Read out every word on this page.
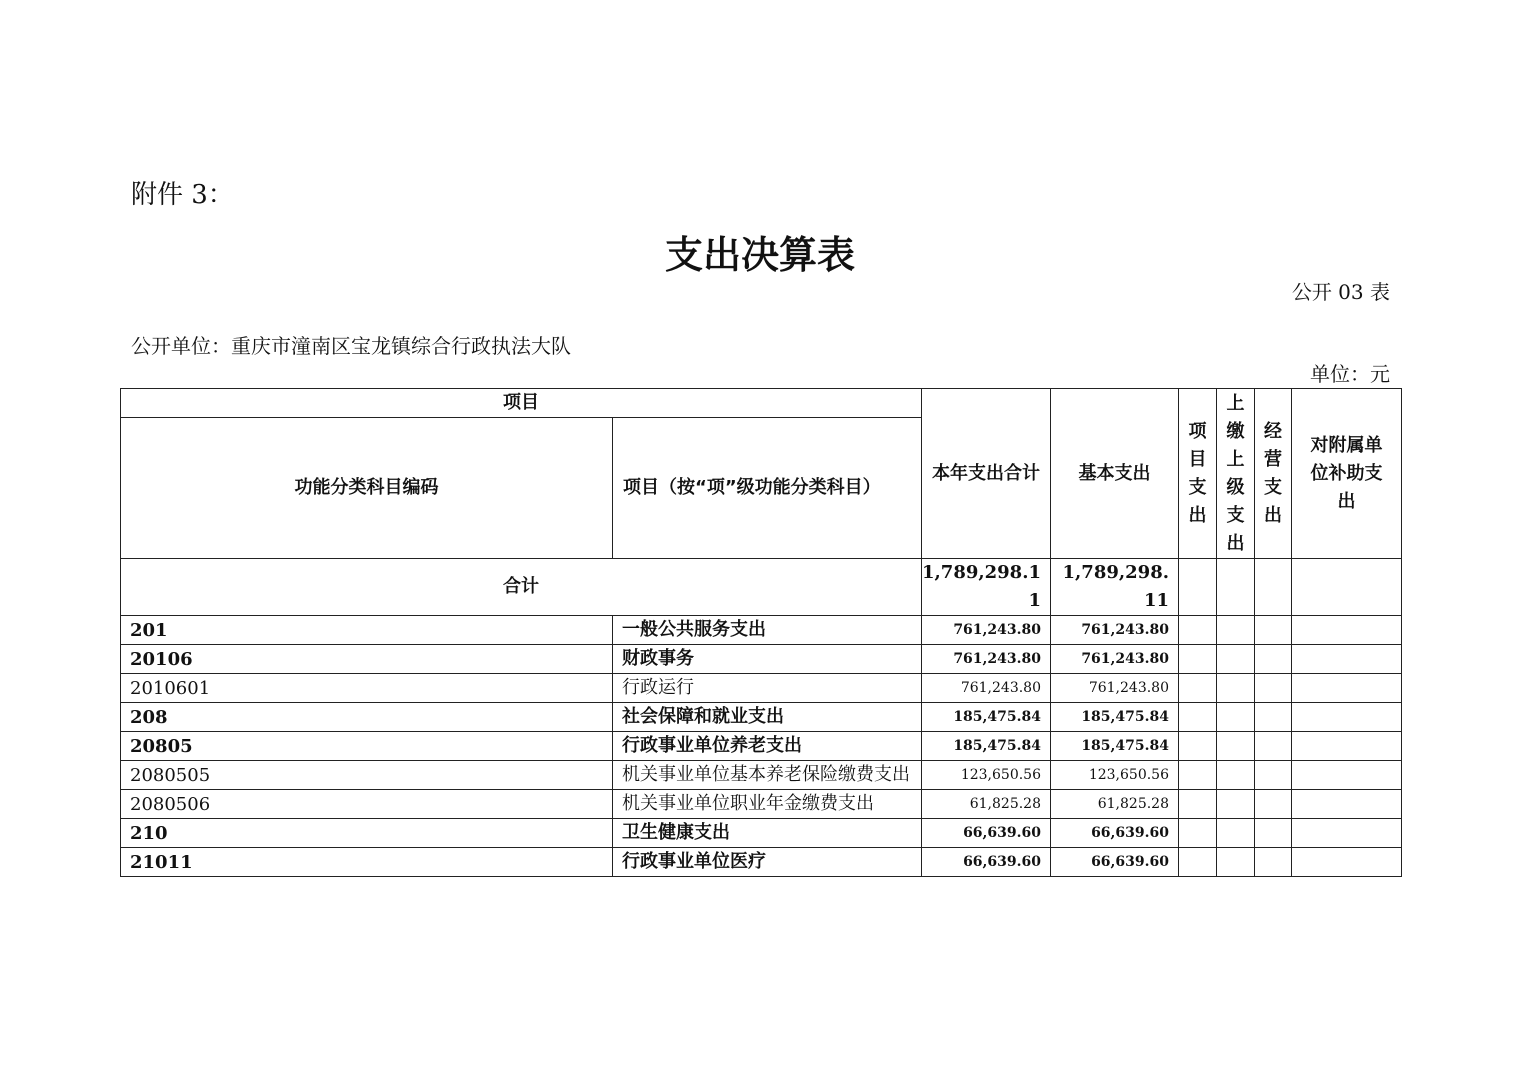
附件 3：
支出决算表
公开 03 表
公开单位：重庆市潼南区宝龙镇综合行政执法大队
单位：元
项目		本年支出合计	基本支出	项目支出	上缴上级支出	经营支出	对附属单位补助支出

功能分类科目编码	项目（按“项”级功能分类科目）						
合计		1,789,298.11	1,789,298.11				
201	一般公共服务支出	761,243.80	761,243.80				
20106	财政事务	761,243.80	761,243.80				
2010601	行政运行	761,243.80	761,243.80				
208	社会保障和就业支出	185,475.84	185,475.84				
20805	行政事业单位养老支出	185,475.84	185,475.84				
2080505	机关事业单位基本养老保险缴费支出	123,650.56	123,650.56				
2080506	机关事业单位职业年金缴费支出	61,825.28	61,825.28				
210	卫生健康支出	66,639.60	66,639.60				
21011	行政事业单位医疗	66,639.60	66,639.60				
